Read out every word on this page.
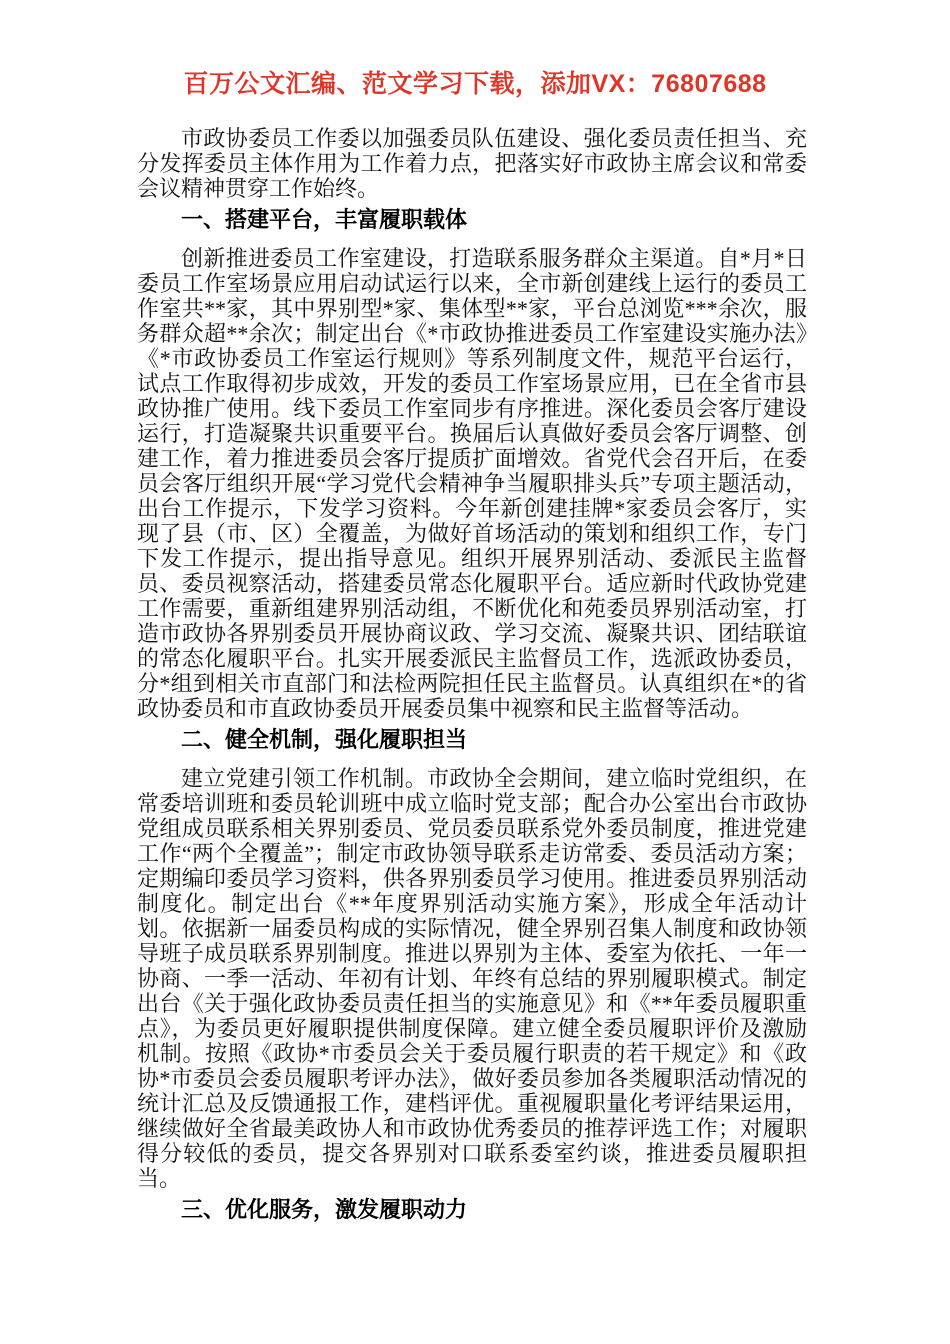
百万公文汇编、范文学习下载，添加VX：76807688

市政协委员工作委以加强委员队伍建设、强化委员责任担当、充分发挥委员主体作用为工作着力点，把落实好市政协主席会议和常委会议精神贯穿工作始终。

一、搭建平台，丰富履职载体

创新推进委员工作室建设，打造联系服务群众主渠道。自*月*日委员工作室场景应用启动试运行以来，全市新创建线上运行的委员工作室共**家，其中界别型*家、集体型**家，平台总浏览***余次，服务群众超**余次；制定出台《*市政协推进委员工作室建设实施办法》《*市政协委员工作室运行规则》等系列制度文件，规范平台运行，试点工作取得初步成效，开发的委员工作室场景应用，已在全省市县政协推广使用。线下委员工作室同步有序推进。深化委员会客厅建设运行，打造凝聚共识重要平台。换届后认真做好委员会客厅调整、创建工作，着力推进委员会客厅提质扩面增效。省党代会召开后，在委员会客厅组织开展“学习党代会精神争当履职排头兵”专项主题活动，出台工作提示，下发学习资料。今年新创建挂牌*家委员会客厅，实现了县（市、区）全覆盖，为做好首场活动的策划和组织工作，专门下发工作提示，提出指导意见。组织开展界别活动、委派民主监督员、委员视察活动，搭建委员常态化履职平台。适应新时代政协党建工作需要，重新组建界别活动组，不断优化和苑委员界别活动室，打造市政协各界别委员开展协商议政、学习交流、凝聚共识、团结联谊的常态化履职平台。扎实开展委派民主监督员工作，选派政协委员，分*组到相关市直部门和法检两院担任民主监督员。认真组织在*的省政协委员和市直政协委员开展委员集中视察和民主监督等活动。

二、健全机制，强化履职担当

建立党建引领工作机制。市政协全会期间，建立临时党组织，在常委培训班和委员轮训班中成立临时党支部；配合办公室出台市政协党组成员联系相关界别委员、党员委员联系党外委员制度，推进党建工作“两个全覆盖”；制定市政协领导联系走访常委、委员活动方案；定期编印委员学习资料，供各界别委员学习使用。推进委员界别活动制度化。制定出台《**年度界别活动实施方案》，形成全年活动计划。依据新一届委员构成的实际情况，健全界别召集人制度和政协领导班子成员联系界别制度。推进以界别为主体、委室为依托、一年一协商、一季一活动、年初有计划、年终有总结的界别履职模式。制定出台《关于强化政协委员责任担当的实施意见》和《**年委员履职重点》，为委员更好履职提供制度保障。建立健全委员履职评价及激励机制。按照《政协*市委员会关于委员履行职责的若干规定》和《政协*市委员会委员履职考评办法》，做好委员参加各类履职活动情况的统计汇总及反馈通报工作，建档评优。重视履职量化考评结果运用，继续做好全省最美政协人和市政协优秀委员的推荐评选工作；对履职得分较低的委员，提交各界别对口联系委室约谈，推进委员履职担当。

三、优化服务，激发履职动力
